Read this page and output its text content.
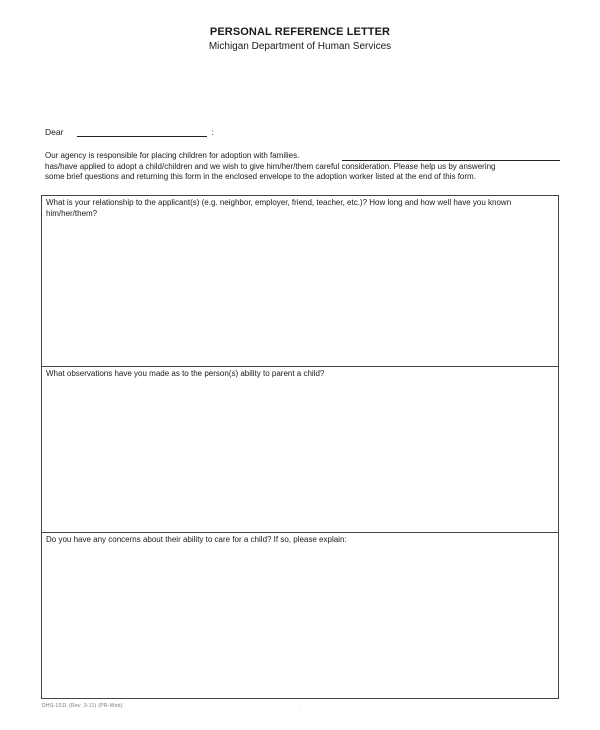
PERSONAL REFERENCE LETTER
Michigan Department of Human Services
Dear	:
Our agency is responsible for placing children for adoption with families.
has/have applied to adopt a child/children and we wish to give him/her/them careful consideration. Please help us by answering
some brief questions and returning this form in the enclosed envelope to the adoption worker listed at the end of this form.
What is your relationship to the applicant(s) (e.g. neighbor, employer, friend, teacher, etc.)? How long and how well have you known him/her/them?
What observations have you made as to the person(s) ability to parent a child?
Do you have any concerns about their ability to care for a child? If so, please explain:
DHS-1011 (Rev. 3-11) (PR-Web)	.
